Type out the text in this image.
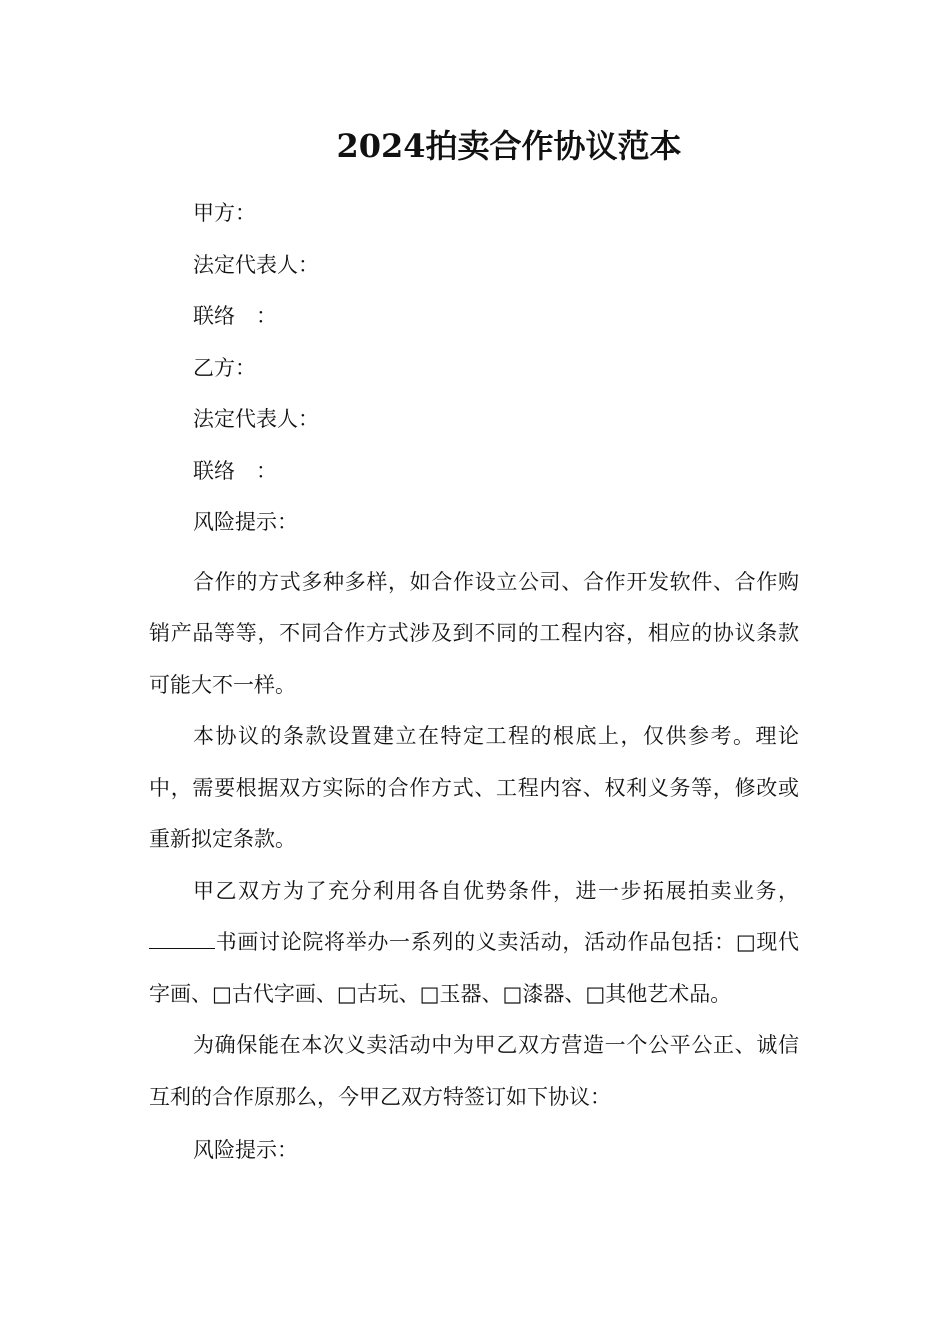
2024拍卖合作协议范本

甲方：

法定代表人：

联络　：

乙方：

法定代表人：

联络　：

风险提示：

合作的方式多种多样，如合作设立公司、合作开发软件、合作购销产品等等，不同合作方式涉及到不同的工程内容，相应的协议条款可能大不一样。

本协议的条款设置建立在特定工程的根底上，仅供参考。理论中，需要根据双方实际的合作方式、工程内容、权利义务等，修改或重新拟定条款。

甲乙双方为了充分利用各自优势条件，进一步拓展拍卖业务，书画讨论院将举办一系列的义卖活动，活动作品包括：□现代字画、□古代字画、□古玩、□玉器、□漆器、□其他艺术品。

为确保能在本次义卖活动中为甲乙双方营造一个公平公正、诚信互利的合作原那么，今甲乙双方特签订如下协议：

风险提示：
